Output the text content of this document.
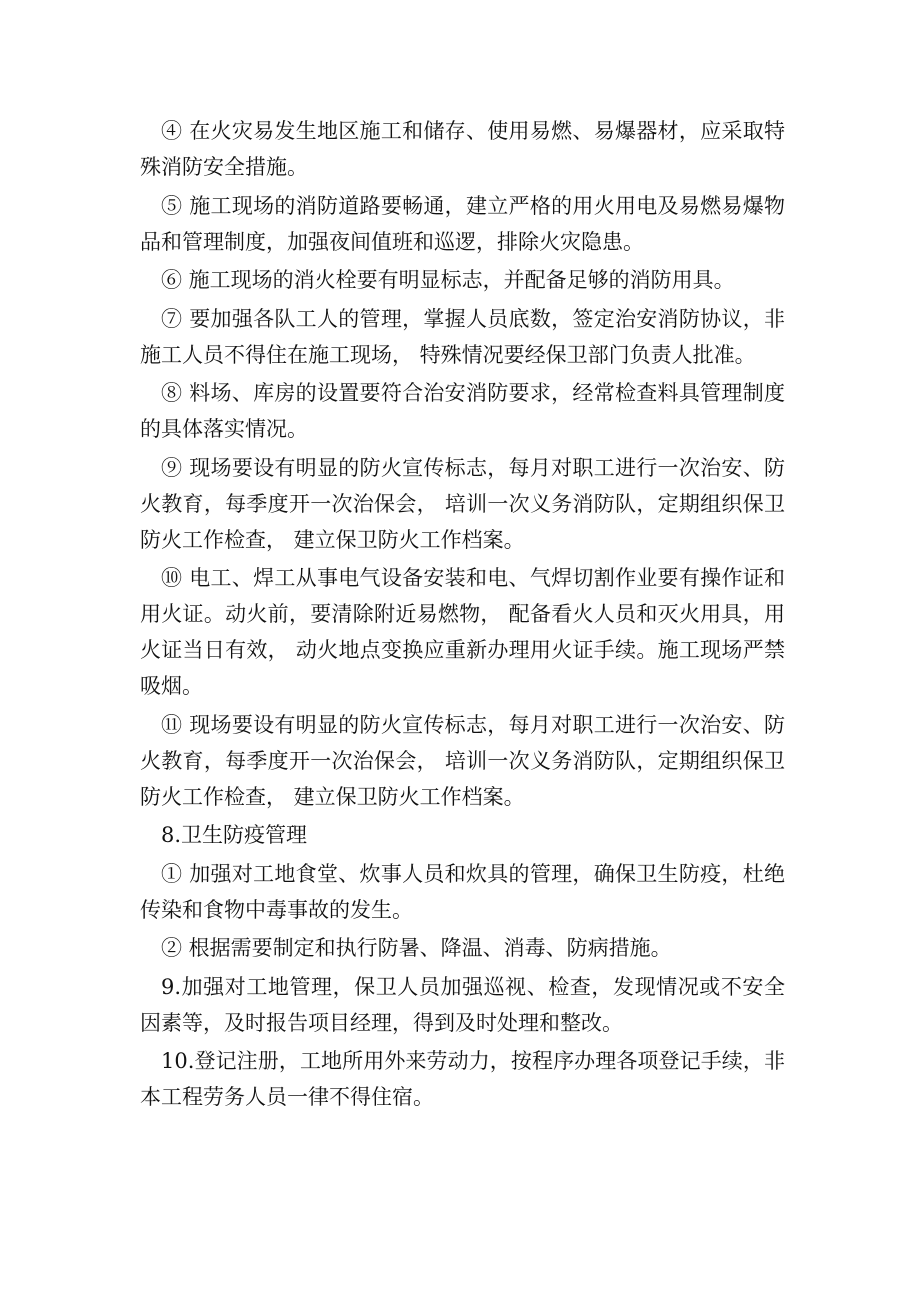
④ 在火灾易发生地区施工和储存、使用易燃、易爆器材，应采取特殊消防安全措施。

⑤ 施工现场的消防道路要畅通，建立严格的用火用电及易燃易爆物品和管理制度，加强夜间值班和巡逻，排除火灾隐患。

⑥ 施工现场的消火栓要有明显标志，并配备足够的消防用具。

⑦ 要加强各队工人的管理，掌握人员底数，签定治安消防协议，非施工人员不得住在施工现场， 特殊情况要经保卫部门负责人批准。

⑧ 料场、库房的设置要符合治安消防要求，经常检查料具管理制度的具体落实情况。

⑨ 现场要设有明显的防火宣传标志，每月对职工进行一次治安、防火教育，每季度开一次治保会， 培训一次义务消防队，定期组织保卫防火工作检查， 建立保卫防火工作档案。

⑩ 电工、焊工从事电气设备安装和电、气焊切割作业要有操作证和用火证。动火前，要清除附近易燃物， 配备看火人员和灭火用具，用火证当日有效， 动火地点变换应重新办理用火证手续。施工现场严禁吸烟。

⑪ 现场要设有明显的防火宣传标志，每月对职工进行一次治安、防火教育，每季度开一次治保会， 培训一次义务消防队，定期组织保卫防火工作检查， 建立保卫防火工作档案。

8.卫生防疫管理

① 加强对工地食堂、炊事人员和炊具的管理，确保卫生防疫，杜绝传染和食物中毒事故的发生。

② 根据需要制定和执行防暑、降温、消毒、防病措施。

9.加强对工地管理，保卫人员加强巡视、检查，发现情况或不安全因素等，及时报告项目经理，得到及时处理和整改。

10.登记注册，工地所用外来劳动力，按程序办理各项登记手续，非本工程劳务人员一律不得住宿。
